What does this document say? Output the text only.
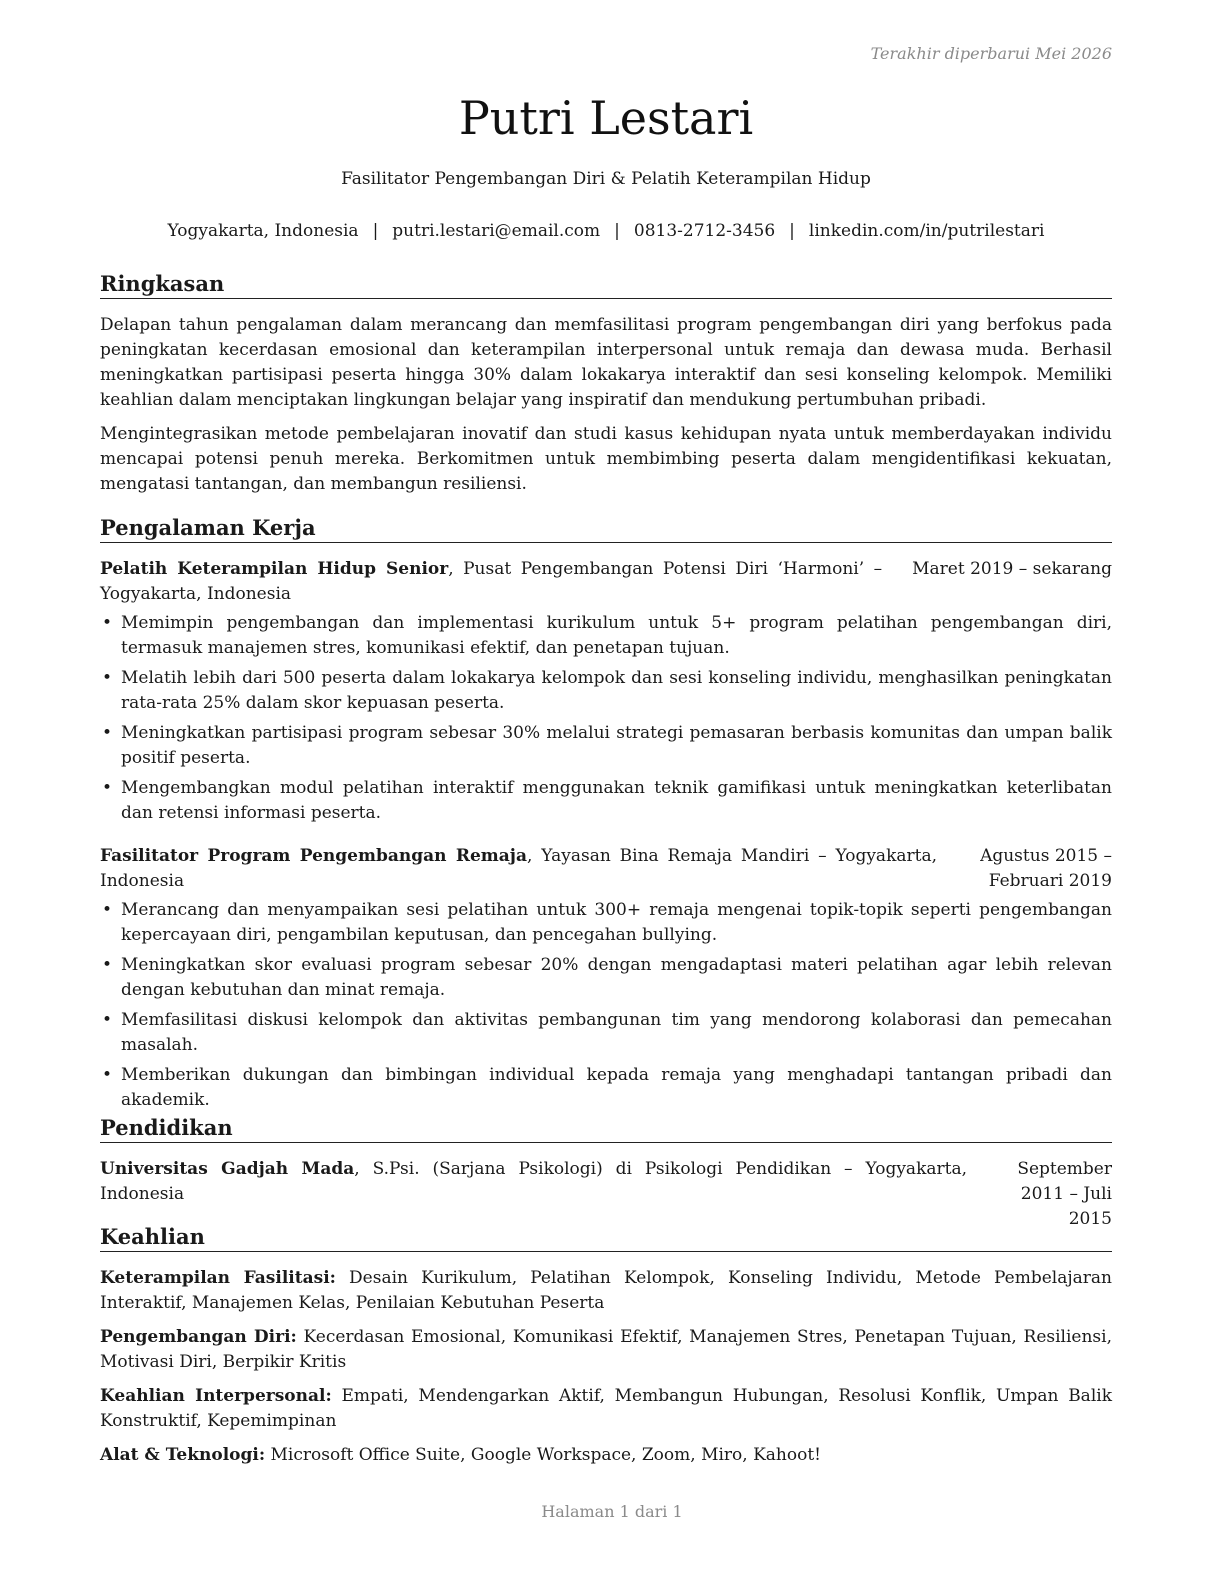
Terakhir diperbarui Mei 2026
Putri Lestari
Fasilitator Pengembangan Diri & Pelatih Keterampilan Hidup
Yogyakarta, Indonesia | putri.lestari@email.com | 0813-2712-3456 | linkedin.com/in/putrilestari
Ringkasan

Delapan tahun pengalaman dalam merancang dan memfasilitasi program pengembangan diri yang berfokus pada peningkatan kecerdasan emosional dan keterampilan interpersonal untuk remaja dan dewasa muda. Berhasil meningkatkan partisipasi peserta hingga 30% dalam lokakarya interaktif dan sesi konseling kelompok. Memiliki keahlian dalam menciptakan lingkungan belajar yang inspiratif dan mendukung pertumbuhan pribadi.

Mengintegrasikan metode pembelajaran inovatif dan studi kasus kehidupan nyata untuk memberdayakan individu mencapai potensi penuh mereka. Berkomitmen untuk membimbing peserta dalam mengidentifikasi kekuatan, mengatasi tantangan, dan membangun resiliensi.

Pengalaman Kerja
Pelatih Keterampilan Hidup Senior, Pusat Pengembangan Potensi Diri ‘Harmoni’ – Yogyakarta, Indonesia
Maret 2019 – sekarang
• Memimpin pengembangan dan implementasi kurikulum untuk 5+ program pelatihan pengembangan diri, termasuk manajemen stres, komunikasi efektif, dan penetapan tujuan.
• Melatih lebih dari 500 peserta dalam lokakarya kelompok dan sesi konseling individu, menghasilkan peningkatan rata-rata 25% dalam skor kepuasan peserta.
• Meningkatkan partisipasi program sebesar 30% melalui strategi pemasaran berbasis komunitas dan umpan balik positif peserta.
• Mengembangkan modul pelatihan interaktif menggunakan teknik gamifikasi untuk meningkatkan keterlibatan dan retensi informasi peserta.
Fasilitator Program Pengembangan Remaja, Yayasan Bina Remaja Mandiri – Yogyakarta, Indonesia
Agustus 2015 – Februari 2019
• Merancang dan menyampaikan sesi pelatihan untuk 300+ remaja mengenai topik-topik seperti pengembangan kepercayaan diri, pengambilan keputusan, dan pencegahan bullying.
• Meningkatkan skor evaluasi program sebesar 20% dengan mengadaptasi materi pelatihan agar lebih relevan dengan kebutuhan dan minat remaja.
• Memfasilitasi diskusi kelompok dan aktivitas pembangunan tim yang mendorong kolaborasi dan pemecahan masalah.
• Memberikan dukungan dan bimbingan individual kepada remaja yang menghadapi tantangan pribadi dan akademik.
Pendidikan
Universitas Gadjah Mada, S.Psi. (Sarjana Psikologi) di Psikologi Pendidikan – Yogyakarta, Indonesia
September 2011 – Juli 2015
Keahlian

Keterampilan Fasilitasi: Desain Kurikulum, Pelatihan Kelompok, Konseling Individu, Metode Pembelajaran Interaktif, Manajemen Kelas, Penilaian Kebutuhan Peserta

Pengembangan Diri: Kecerdasan Emosional, Komunikasi Efektif, Manajemen Stres, Penetapan Tujuan, Resiliensi, Motivasi Diri, Berpikir Kritis

Keahlian Interpersonal: Empati, Mendengarkan Aktif, Membangun Hubungan, Resolusi Konflik, Umpan Balik Konstruktif, Kepemimpinan

Alat & Teknologi: Microsoft Office Suite, Google Workspace, Zoom, Miro, Kahoot!

Halaman 1 dari 1
